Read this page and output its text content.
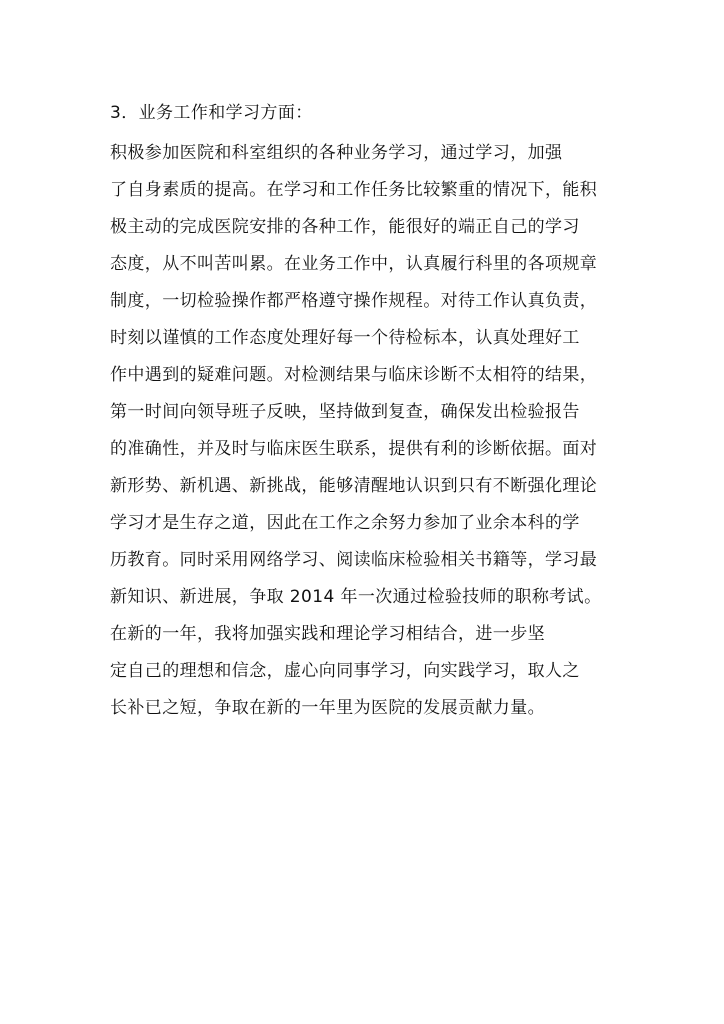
3．业务工作和学习方面：
积极参加医院和科室组织的各种业务学习，通过学习，加强
了自身素质的提高。在学习和工作任务比较繁重的情况下，能积
极主动的完成医院安排的各种工作，能很好的端正自己的学习
态度，从不叫苦叫累。在业务工作中，认真履行科里的各项规章
制度，一切检验操作都严格遵守操作规程。对待工作认真负责，
时刻以谨慎的工作态度处理好每一个待检标本，认真处理好工
作中遇到的疑难问题。对检测结果与临床诊断不太相符的结果，
第一时间向领导班子反映，坚持做到复查，确保发出检验报告
的准确性，并及时与临床医生联系，提供有利的诊断依据。面对
新形势、新机遇、新挑战，能够清醒地认识到只有不断强化理论
学习才是生存之道，因此在工作之余努力参加了业余本科的学
历教育。同时采用网络学习、阅读临床检验相关书籍等，学习最
新知识、新进展，争取 2014 年一次通过检验技师的职称考试。
在新的一年，我将加强实践和理论学习相结合，进一步坚
定自己的理想和信念，虚心向同事学习，向实践学习，取人之
长补已之短，争取在新的一年里为医院的发展贡献力量。
